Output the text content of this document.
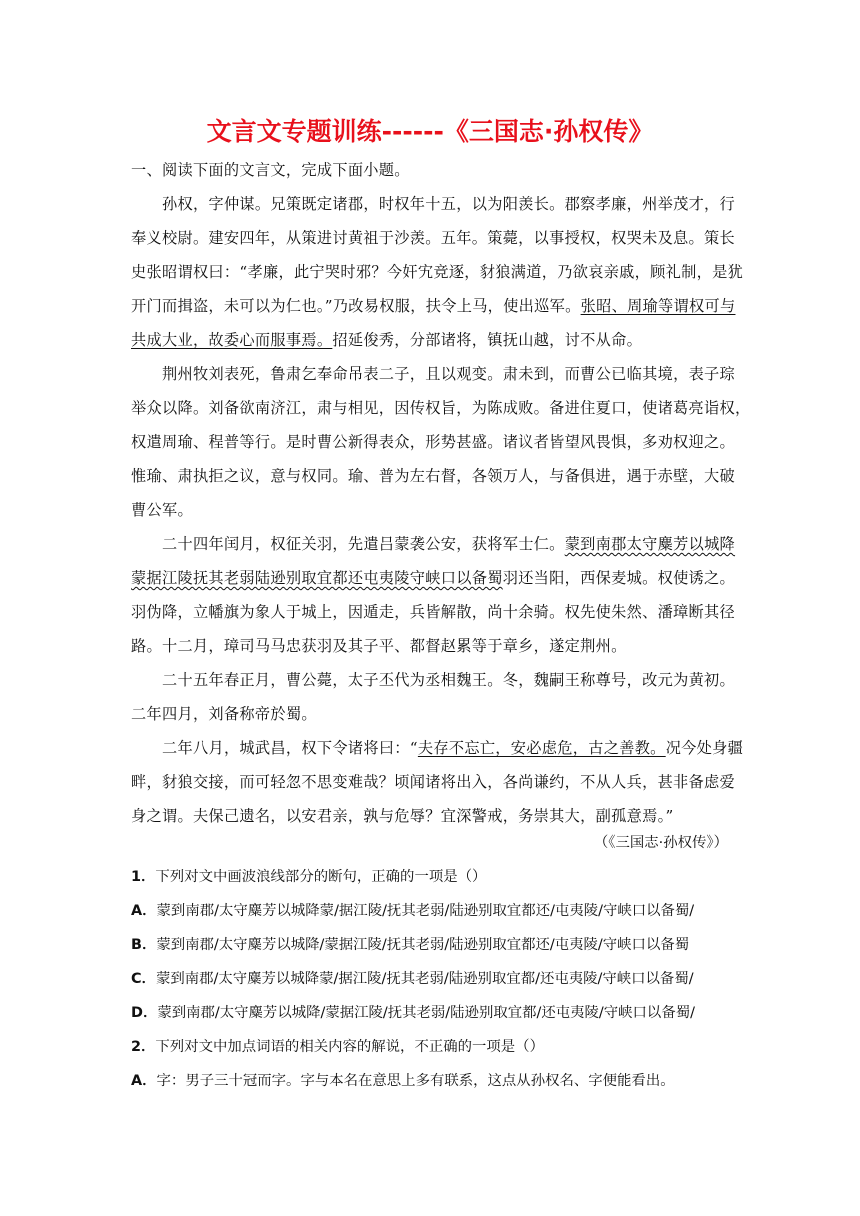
文言文专题训练------《三国志·孙权传》
一、阅读下面的文言文，完成下面小题。
孙权，字仲谋。兄策既定诸郡，时权年十五，以为阳羡长。郡察孝廉，州举茂才，行
奉义校尉。建安四年，从策进讨黄祖于沙羡。五年。策薨，以事授权，权哭未及息。策长
史张昭谓权曰：“孝廉，此宁哭时邪？今奸宄竞逐，豺狼满道，乃欲哀亲戚，顾礼制，是犹
开门而揖盗，未可以为仁也。”乃改易权服，扶令上马，使出巡军。张昭、周瑜等谓权可与
共成大业，故委心而服事焉。招延俊秀，分部诸将，镇抚山越，讨不从命。
荆州牧刘表死，鲁肃乞奉命吊表二子，且以观变。肃未到，而曹公已临其境，表子琮
举众以降。刘备欲南济江，肃与相见，因传权旨，为陈成败。备进住夏口，使诸葛亮诣权，
权遣周瑜、程普等行。是时曹公新得表众，形势甚盛。诸议者皆望风畏惧，多劝权迎之。
惟瑜、肃执拒之议，意与权同。瑜、普为左右督，各领万人，与备俱进，遇于赤壁，大破
曹公军。
二十四年闰月，权征关羽，先遣吕蒙袭公安，获将军士仁。蒙到南郡太守麋芳以城降
蒙据江陵抚其老弱陆逊别取宜都还屯夷陵守峡口以备蜀羽还当阳，西保麦城。权使诱之。
羽伪降，立幡旗为象人于城上，因遁走，兵皆解散，尚十余骑。权先使朱然、潘璋断其径
路。十二月，璋司马马忠获羽及其子平、都督赵累等于章乡，遂定荆州。
二十五年春正月，曹公薨，太子丕代为丞相魏王。冬，魏嗣王称尊号，改元为黄初。
二年四月，刘备称帝於蜀。
二年八月，城武昌，权下令诸将曰：“夫存不忘亡，安必虑危，古之善教。况今处身疆
畔，豺狼交接，而可轻忽不思变难哉？顷闻诸将出入，各尚谦约，不从人兵，甚非备虑爱
身之谓。夫保己遗名，以安君亲，孰与危辱？宜深警戒，务崇其大，副孤意焉。”
（《三国志·孙权传》）
1．下列对文中画波浪线部分的断句，正确的一项是（）
A．蒙到南郡/太守麋芳以城降蒙/据江陵/抚其老弱/陆逊别取宜都还/屯夷陵/守峡口以备蜀/
B．蒙到南郡/太守麋芳以城降/蒙据江陵/抚其老弱/陆逊别取宜都还/屯夷陵/守峡口以备蜀
C．蒙到南郡/太守麋芳以城降蒙/据江陵/抚其老弱/陆逊别取宜都/还屯夷陵/守峡口以备蜀/
D．蒙到南郡/太守麋芳以城降/蒙据江陵/抚其老弱/陆逊别取宜都/还屯夷陵/守峡口以备蜀/
2．下列对文中加点词语的相关内容的解说，不正确的一项是（）
A．字：男子三十冠而字。字与本名在意思上多有联系，这点从孙权名、字便能看出。
